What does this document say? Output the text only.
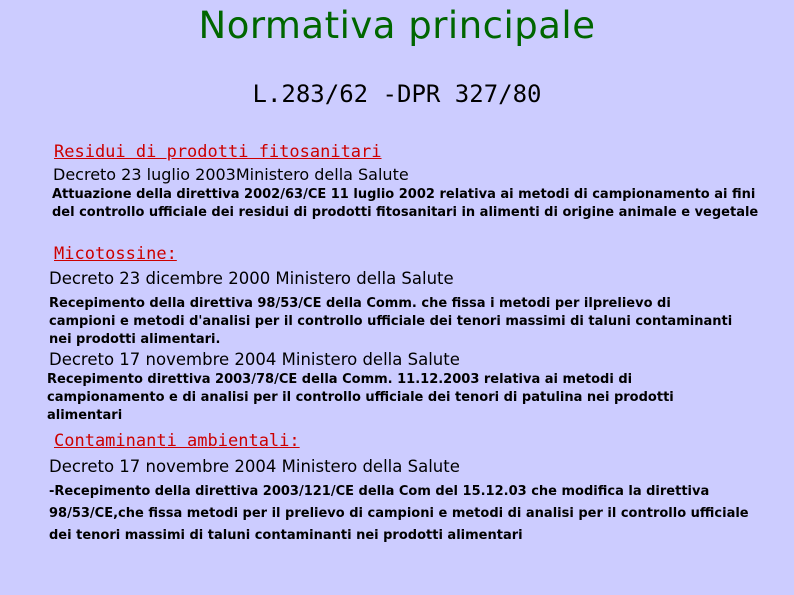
Normativa principale
L.283/62 -DPR 327/80
Residui di prodotti fitosanitari
Decreto 23 luglio 2003Ministero della Salute
Attuazione della direttiva 2002/63/CE 11 luglio 2002 relativa ai metodi di campionamento ai fini del controllo ufficiale dei residui di prodotti fitosanitari in alimenti di origine animale e vegetale
Micotossine:
Decreto 23 dicembre 2000 Ministero della Salute
Recepimento della direttiva 98/53/CE della Comm. che fissa i metodi per ilprelievo di campioni e metodi d'analisi per il controllo ufficiale dei tenori massimi di taluni contaminanti nei prodotti alimentari.
Decreto 17 novembre 2004 Ministero della Salute
Recepimento direttiva 2003/78/CE della Comm. 11.12.2003 relativa ai metodi di campionamento e di analisi per il controllo ufficiale dei tenori di patulina nei prodotti alimentari
Contaminanti ambientali:
Decreto 17 novembre 2004 Ministero della Salute
-Recepimento della direttiva 2003/121/CE della Com del 15.12.03 che modifica la direttiva 98/53/CE,che fissa metodi per il prelievo di campioni e metodi di analisi per il controllo ufficiale dei tenori massimi di taluni contaminanti nei prodotti alimentari
